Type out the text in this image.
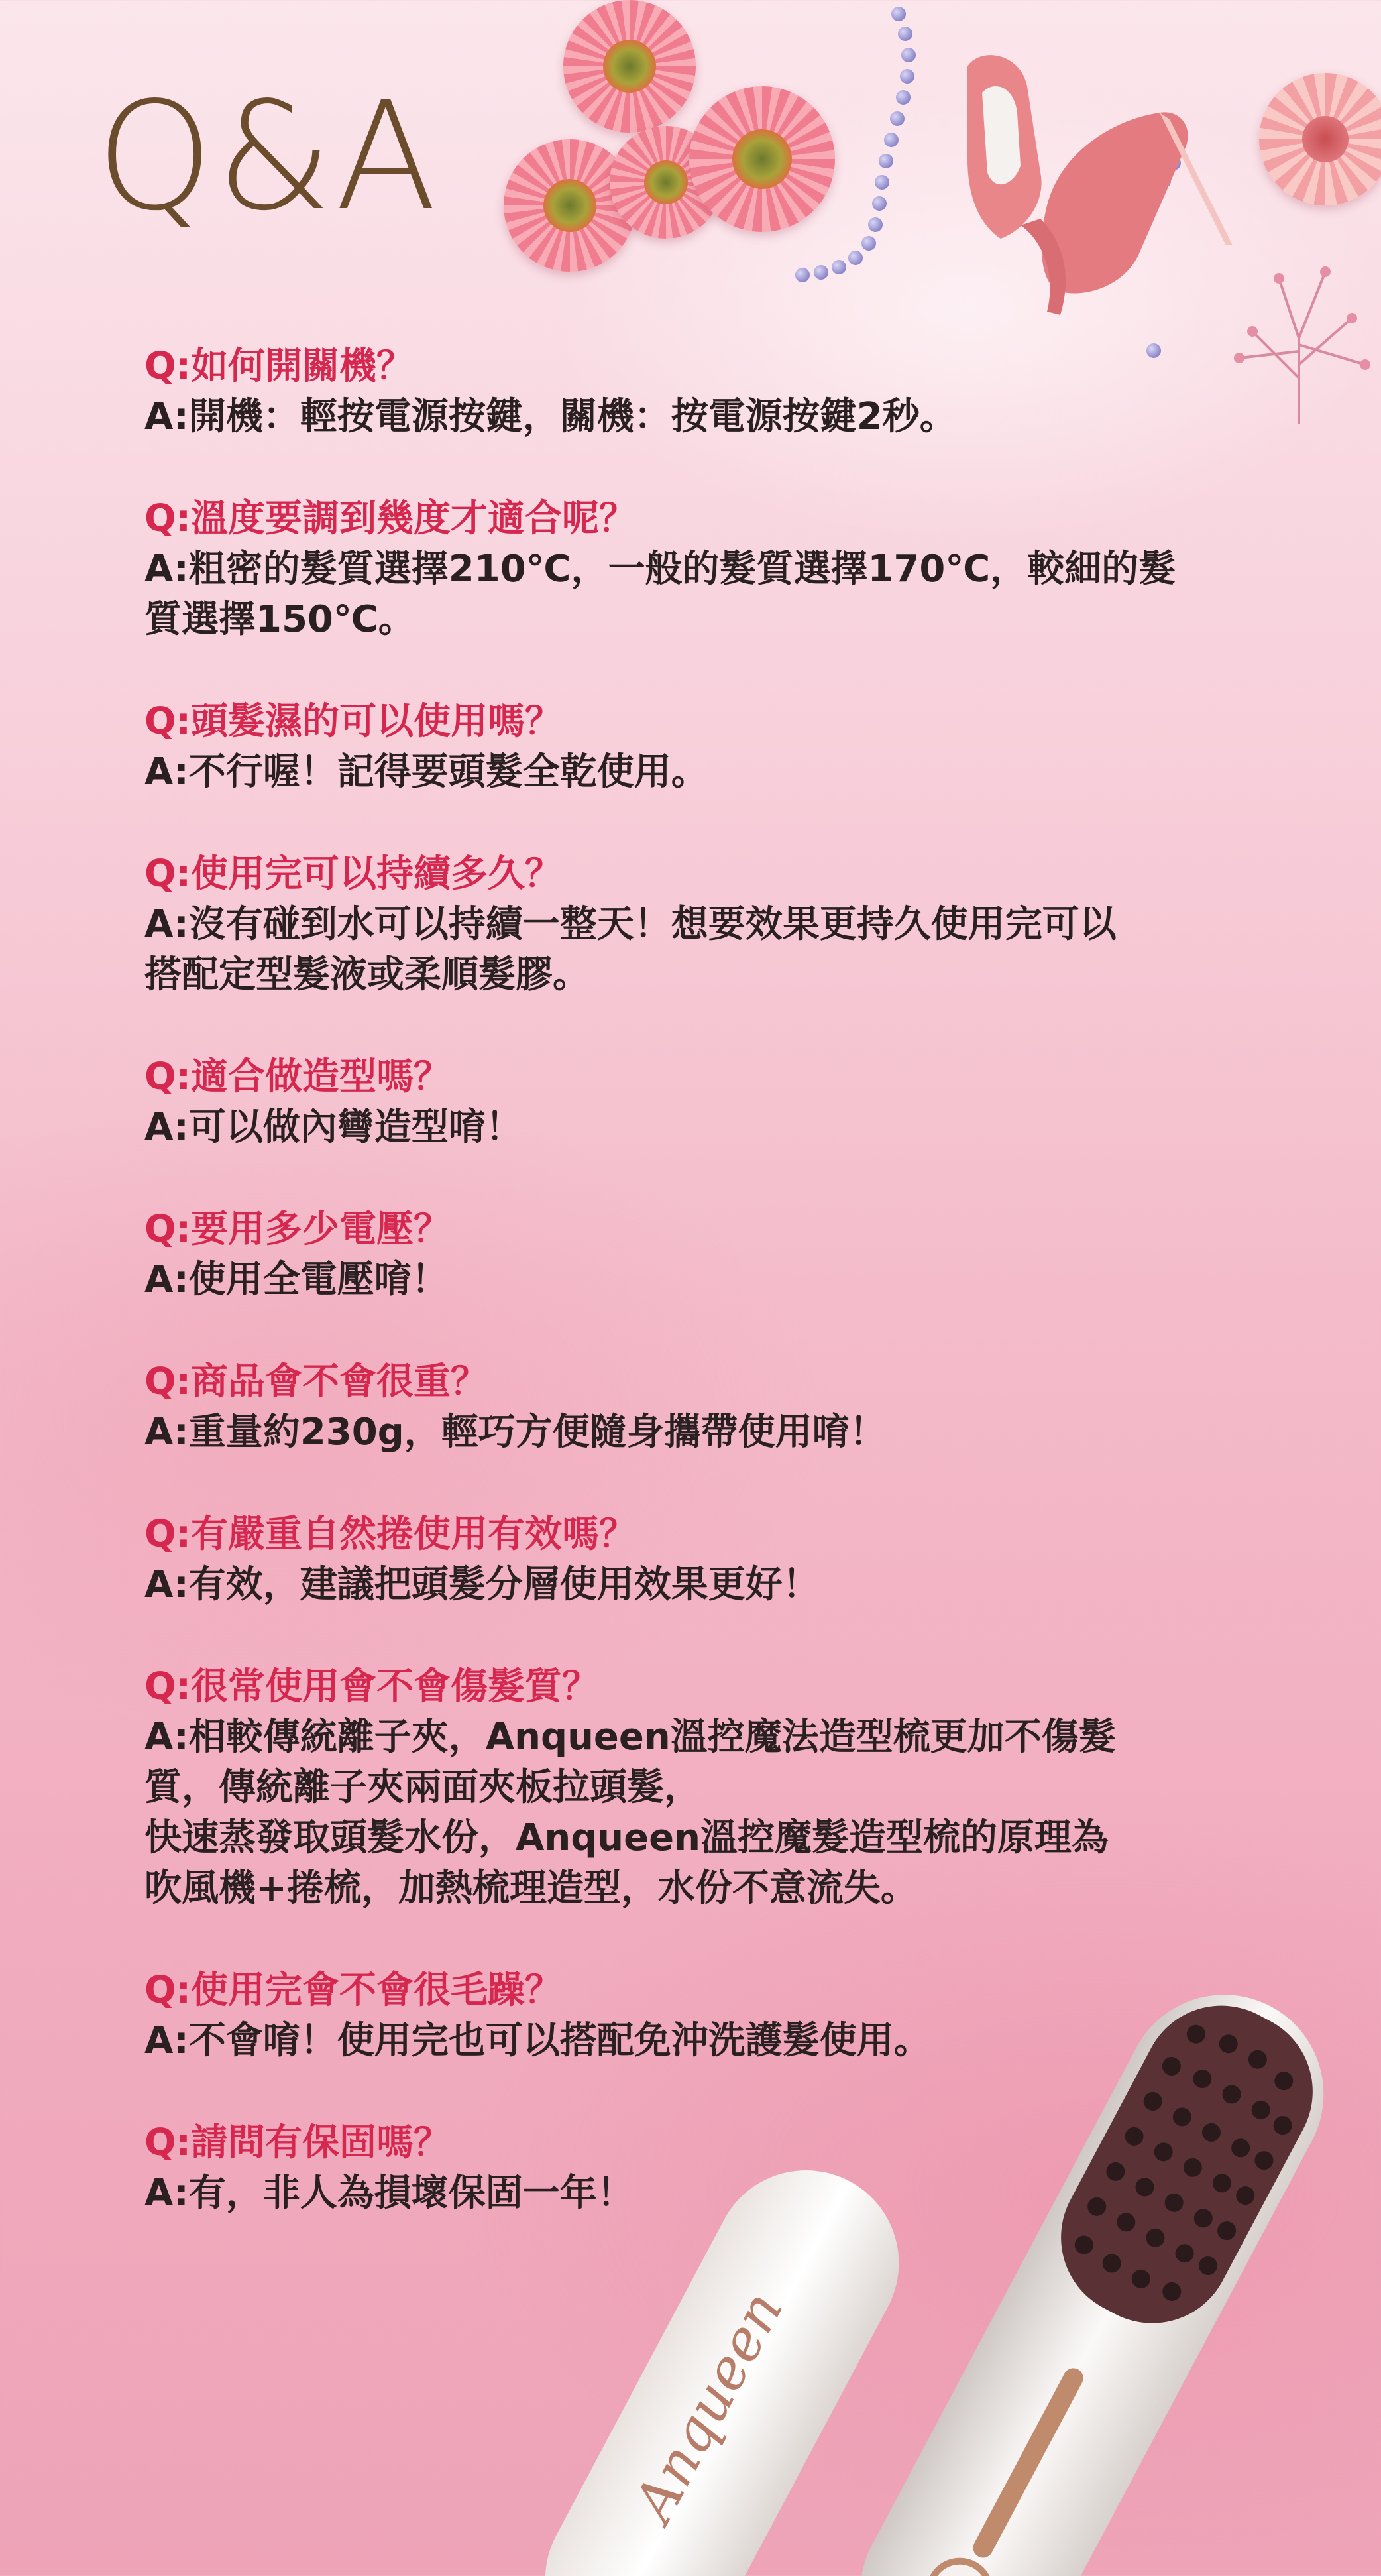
Q&A
Q:如何開關機？
A:開機：輕按電源按鍵，關機：按電源按鍵2秒。
Q:溫度要調到幾度才適合呢？
A:粗密的髮質選擇210℃，一般的髮質選擇170℃，較細的髮
質選擇150℃。
Q:頭髮濕的可以使用嗎？
A:不行喔！記得要頭髮全乾使用。
Q:使用完可以持續多久？
A:沒有碰到水可以持續一整天！想要效果更持久使用完可以
搭配定型髮液或柔順髮膠。
Q:適合做造型嗎？
A:可以做內彎造型唷！
Q:要用多少電壓？
A:使用全電壓唷！
Q:商品會不會很重？
A:重量約230g，輕巧方便隨身攜帶使用唷！
Q:有嚴重自然捲使用有效嗎？
A:有效，建議把頭髮分層使用效果更好！
Q:很常使用會不會傷髮質？
A:相較傳統離子夾，Anqueen溫控魔法造型梳更加不傷髮
質，傳統離子夾兩面夾板拉頭髮，
快速蒸發取頭髮水份，Anqueen溫控魔髮造型梳的原理為
吹風機+捲梳，加熱梳理造型，水份不意流失。
Q:使用完會不會很毛躁？
A:不會唷！使用完也可以搭配免沖洗護髮使用。
Q:請問有保固嗎？
A:有，非人為損壞保固一年！
Anqueen
